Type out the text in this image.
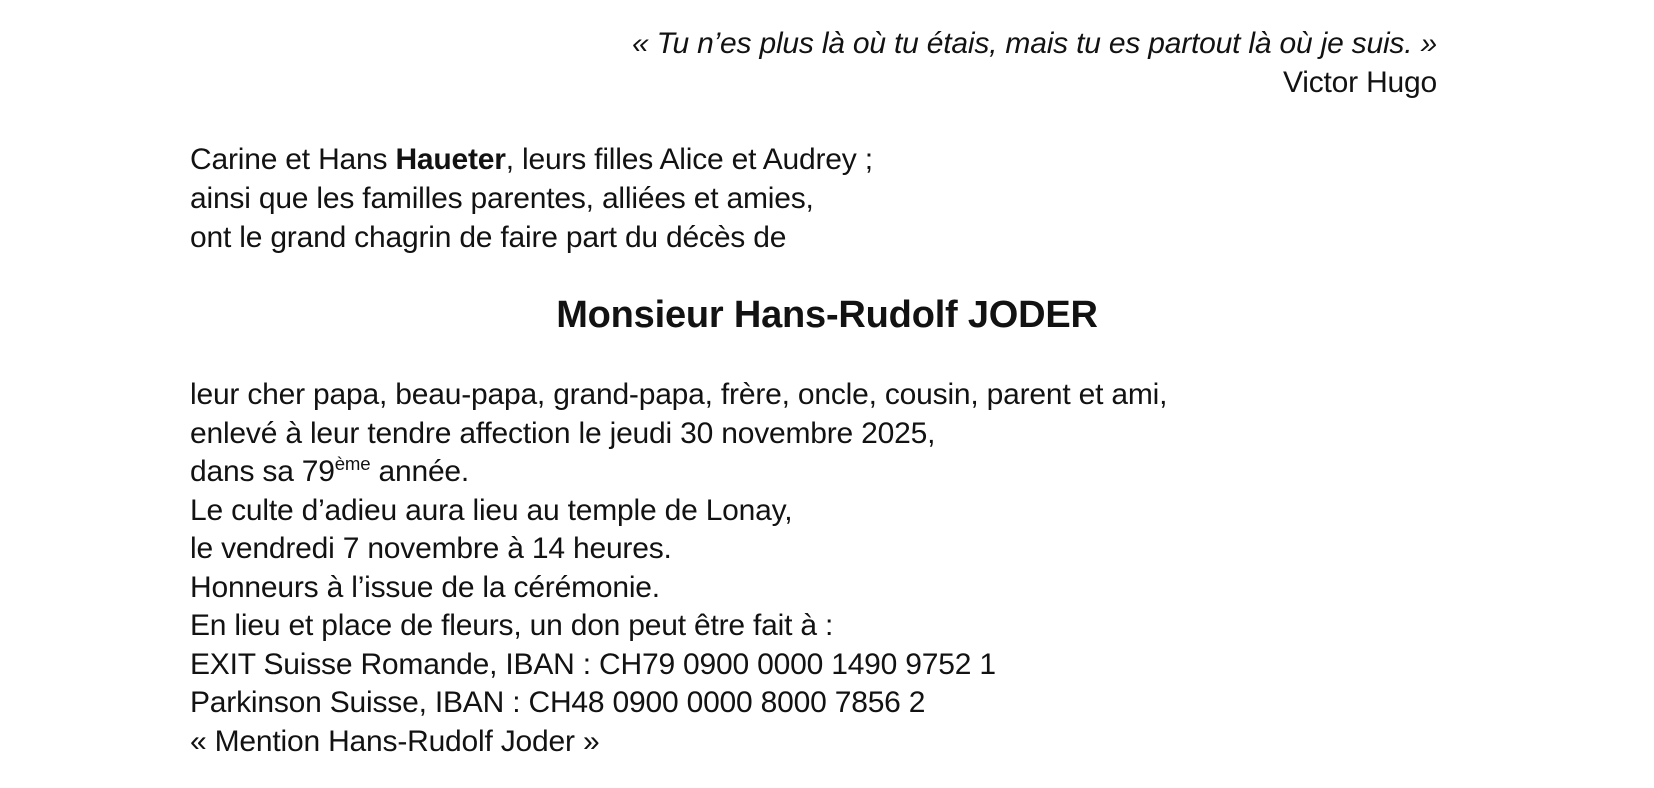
« Tu n’es plus là où tu étais, mais tu es partout là où je suis. »
Victor Hugo

Carine et Hans Haueter, leurs filles Alice et Audrey ;

ainsi que les familles parentes, alliées et amies,

ont le grand chagrin de faire part du décès de

Monsieur Hans-Rudolf JODER

leur cher papa, beau-papa, grand-papa, frère, oncle, cousin, parent et ami,

enlevé à leur tendre affection le jeudi 30 novembre 2025,

dans sa 79ème année.

Le culte d’adieu aura lieu au temple de Lonay,

le vendredi 7 novembre à 14 heures.

Honneurs à l’issue de la cérémonie.

En lieu et place de fleurs, un don peut être fait à :

EXIT Suisse Romande, IBAN : CH79 0900 0000 1490 9752 1

Parkinson Suisse, IBAN : CH48 0900 0000 8000 7856 2

« Mention Hans-Rudolf Joder »
